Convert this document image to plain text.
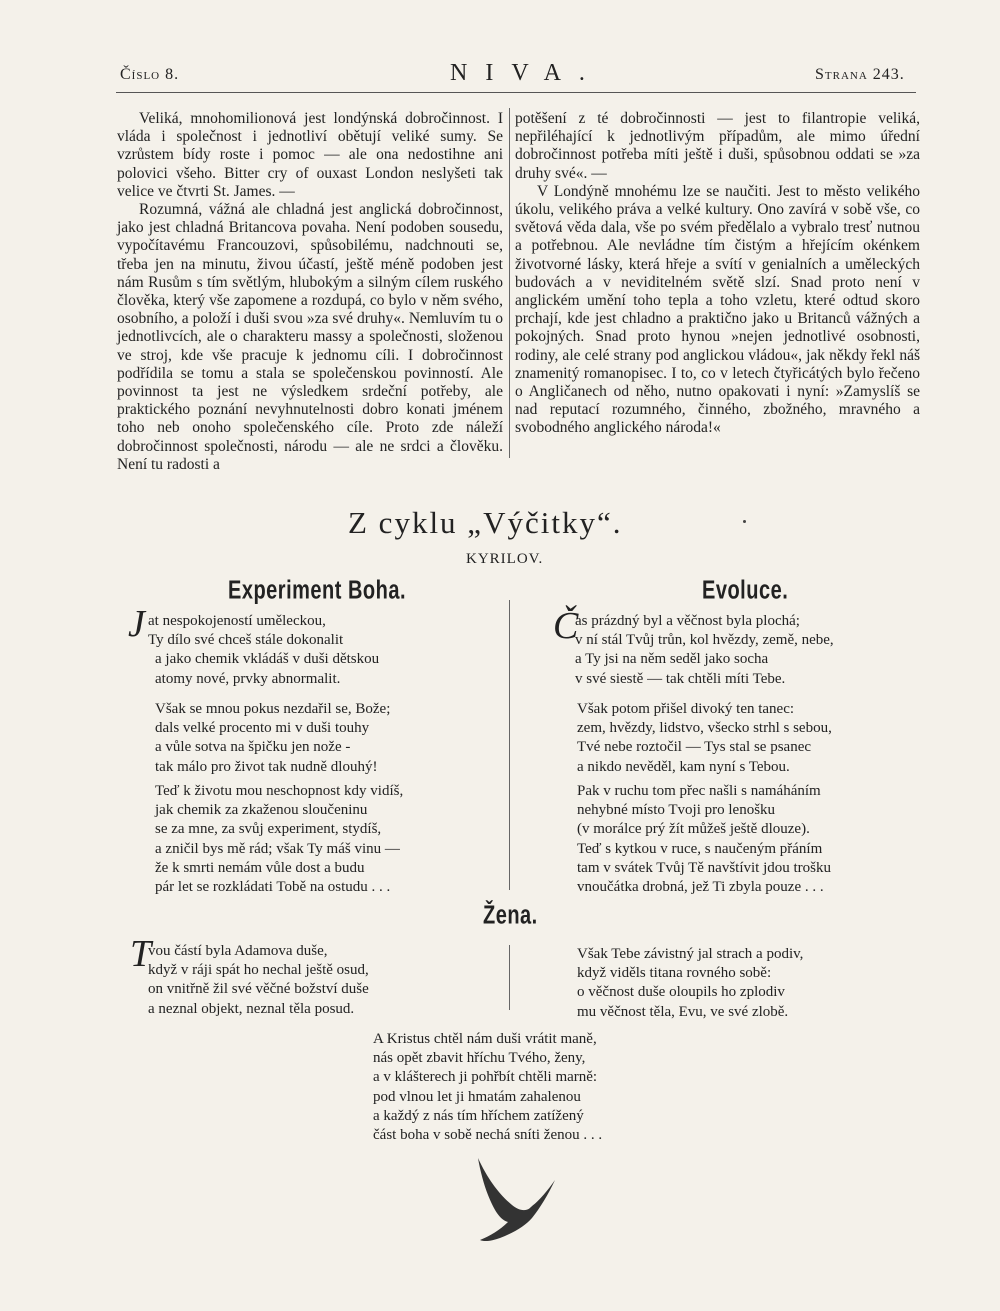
Číslo 8.	NIVA.	Strana 243.

Veliká, mnohomilionová jest londýnská dobročinnost. I vláda i společnost i jednotliví obětují veliké sumy. Se vzrůstem bídy roste i pomoc — ale ona nedostihne ani polovici všeho. Bitter cry of ouxast London neslyšeti tak velice ve čtvrti St. James. —

Rozumná, vážná ale chladná jest anglická dobročinnost, jako jest chladná Britancova povaha. Není podoben sousedu, vypočítavému Francouzovi, spůsobilému, nadchnouti se, třeba jen na minutu, živou účastí, ještě méně podoben jest nám Rusům s tím světlým, hlubokým a silným cílem ruského člověka, který vše zapomene a rozdupá, co bylo v něm svého, osobního, a položí i duši svou »za své druhy«. Nemluvím tu o jednotlivcích, ale o charakteru massy a společnosti, složenou ve stroj, kde vše pracuje k jednomu cíli. I dobročinnost podřídila se tomu a stala se společenskou povinností. Ale povinnost ta jest ne výsledkem srdeční potřeby, ale praktického poznání nevyhnutelnosti dobro konati jménem toho neb onoho společenského cíle. Proto zde náleží dobročinnost společnosti, národu — ale ne srdci a člověku. Není tu radosti a

potěšení z té dobročinnosti — jest to filantropie veliká, nepřiléhající k jednotlivým případům, ale mimo úřední dobročinnost potřeba míti ještě i duši, spůsobnou oddati se »za druhy své«. —

V Londýně mnohému lze se naučiti. Jest to město velikého úkolu, velikého práva a velké kultury. Ono zavírá v sobě vše, co světová věda dala, vše po svém předělalo a vybralo tresť nutnou a potřebnou. Ale nevládne tím čistým a hřejícím okénkem životvorné lásky, která hřeje a svítí v genialních a uměleckých budovách a v neviditelném světě slzí. Snad proto není v anglickém umění toho tepla a toho vzletu, které odtud skoro prchají, kde jest chladno a praktično jako u Britanců vážných a pokojných. Snad proto hynou »nejen jednotlivé osobnosti, rodiny, ale celé strany pod anglickou vládou«, jak někdy řekl náš znamenitý romanopisec. I to, co v letech čtyřicátých bylo řečeno o Angličanech od něho, nutno opakovati i nyní: »Zamyslíš se nad reputací rozumného, činného, zbožného, mravného a svobodného anglického národa!«

Z cyklu „Výčitky“.
KYRILOV.
Experiment Boha.
J at nespokojeností uměleckou,
Ty dílo své chceš stále dokonalit
a jako chemik vkládáš v duši dětskou
atomy nové, prvky abnormalit.
Však se mnou pokus nezdařil se, Bože;
dals velké procento mi v duši touhy
a vůle sotva na špičku jen nože -
tak málo pro život tak nudně dlouhý!
Teď k životu mou neschopnost kdy vidíš,
jak chemik za zkaženou sloučeninu
se za mne, za svůj experiment, stydíš,
a zničil bys mě rád; však Ty máš vinu —
že k smrti nemám vůle dost a budu
pár let se rozkládati Tobě na ostudu . . .
T
vou částí byla Adamova duše,
když v ráji spát ho nechal ještě osud,
on vnitřně žil své věčné božství duše
a neznal objekt, neznal těla posud.
Evoluce.
Č
as prázdný byl a věčnost byla plochá;
v ní stál Tvůj trůn, kol hvězdy, země, nebe,
a Ty jsi na něm seděl jako socha
v své siestě — tak chtěli míti Tebe.
Však potom přišel divoký ten tanec:
zem, hvězdy, lidstvo, všecko strhl s sebou,
Tvé nebe roztočil — Tys stal se psanec
a nikdo nevěděl, kam nyní s Tebou.
Pak v ruchu tom přec našli s namáháním
nehybné místo Tvoji pro lenošku
(v morálce prý žít můžeš ještě dlouze).
Teď s kytkou v ruce, s naučeným přáním
tam v svátek Tvůj Tě navštívit jdou trošku
vnoučátka drobná, jež Ti zbyla pouze . . .
Však Tebe závistný jal strach a podiv,
když viděls titana rovného sobě:
o věčnost duše oloupils ho zplodiv
mu věčnost těla, Evu, ve své zlobě.
Žena.
A Kristus chtěl nám duši vrátit maně,
nás opět zbavit hříchu Tvého, ženy,
a v klášterech ji pohřbít chtěli marně:
pod vlnou let ji hmatám zahalenou
a každý z nás tím hříchem zatížený
část boha v sobě nechá sníti ženou . . .
